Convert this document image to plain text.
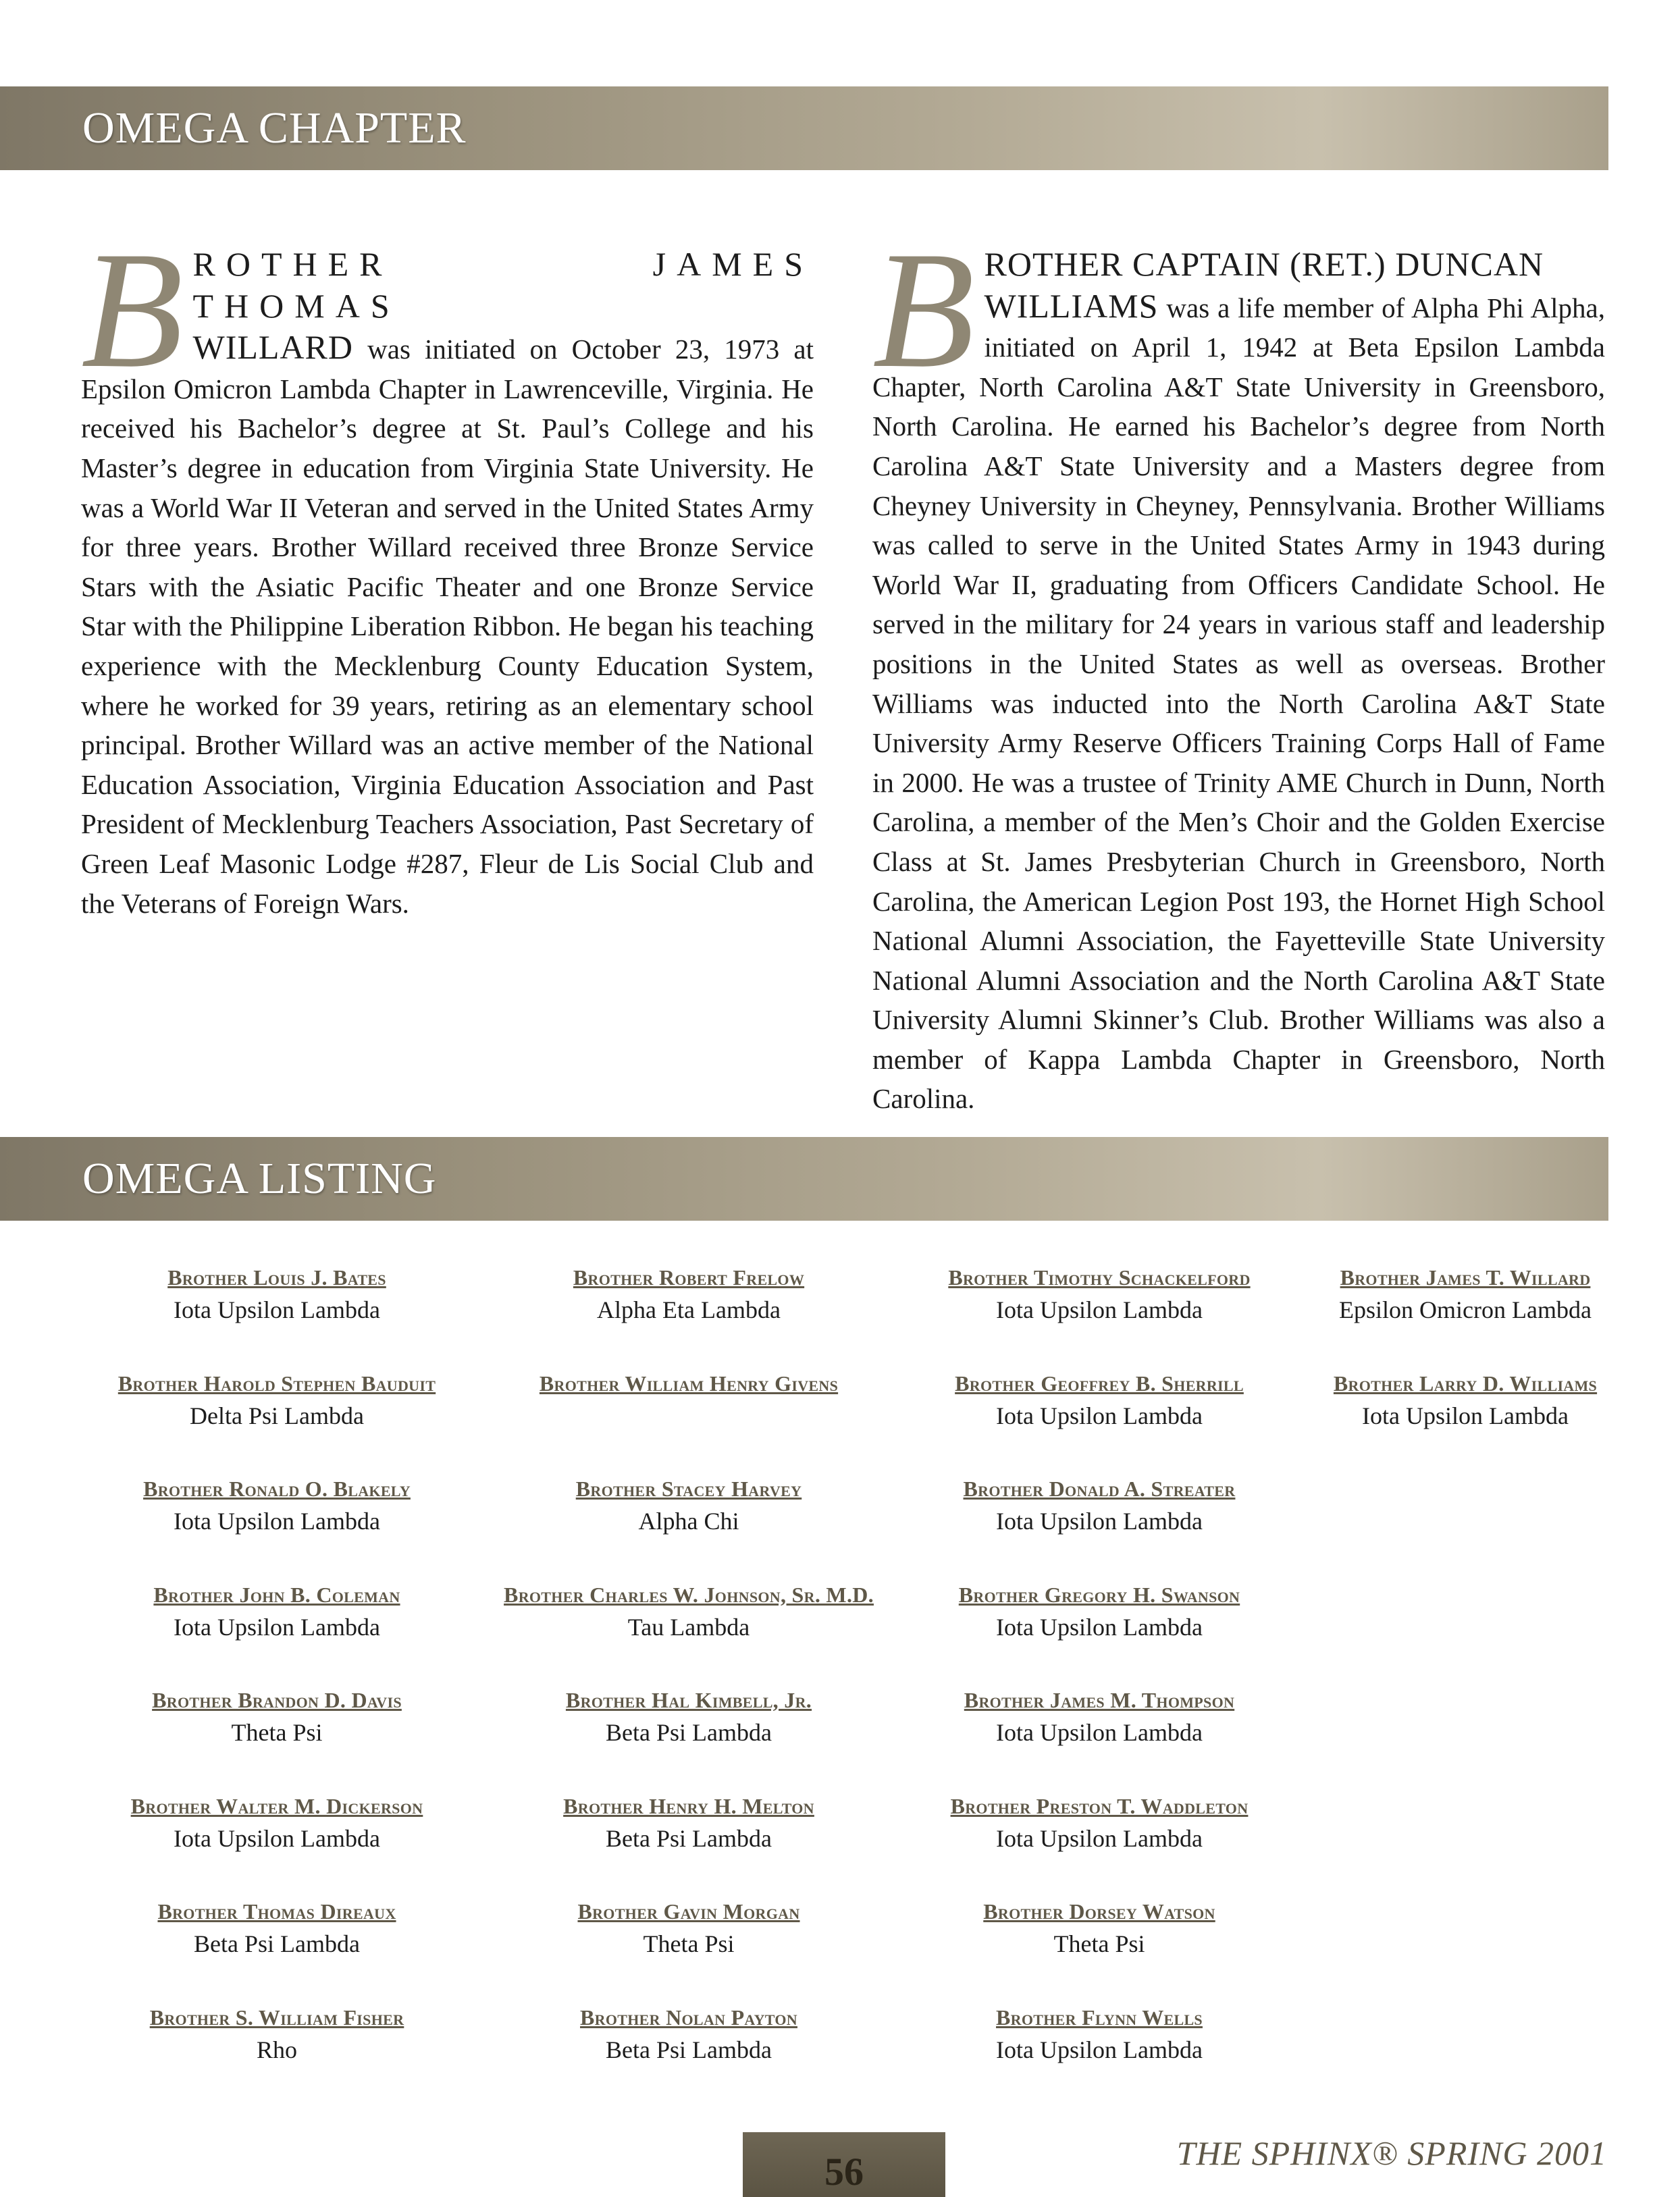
OMEGA CHAPTER
BROTHER JAMES THOMAS
WILLARD was initiated on October 23, 1973 at Epsilon Omicron Lambda Chapter in Lawrenceville, Virginia. He received his Bachelor’s degree at St. Paul’s College and his Master’s degree in education from Virginia State University. He was a World War II Veteran and served in the United States Army for three years. Brother Willard received three Bronze Service Stars with the Asiatic Pacific Theater and one Bronze Service Star with the Philippine Liberation Ribbon. He began his teaching experience with the Mecklenburg County Education System, where he worked for 39 years, retiring as an elementary school principal. Brother Willard was an active member of the National Education Association, Virginia Education Association and Past President of Mecklenburg Teachers Association, Past Secretary of Green Leaf Masonic Lodge #287, Fleur de Lis Social Club and the Veterans of Foreign Wars.
BROTHER CAPTAIN (RET.) DUNCAN
WILLIAMS was a life member of Alpha Phi Alpha, initiated on April 1, 1942 at Beta Epsilon Lambda Chapter, North Carolina A&T State University in Greensboro, North Carolina. He earned his Bachelor’s degree from North Carolina A&T State University and a Masters degree from Cheyney University in Cheyney, Pennsylvania. Brother Williams was called to serve in the United States Army in 1943 during World War II, graduating from Officers Candidate School. He served in the military for 24 years in various staff and leadership positions in the United States as well as overseas. Brother Williams was inducted into the North Carolina A&T State University Army Reserve Officers Training Corps Hall of Fame in 2000. He was a trustee of Trinity AME Church in Dunn, North Carolina, a member of the Men’s Choir and the Golden Exercise Class at St. James Presbyterian Church in Greensboro, North Carolina, the American Legion Post 193, the Hornet High School National Alumni Association, the Fayetteville State University National Alumni Association and the North Carolina A&T State University Alumni Skinner’s Club. Brother Williams was also a member of Kappa Lambda Chapter in Greensboro, North Carolina.
OMEGA LISTING
Brother Louis J. Bates
Iota Upsilon Lambda
Brother Harold Stephen Bauduit
Delta Psi Lambda
Brother Ronald O. Blakely
Iota Upsilon Lambda
Brother John B. Coleman
Iota Upsilon Lambda
Brother Brandon D. Davis
Theta Psi
Brother Walter M. Dickerson
Iota Upsilon Lambda
Brother Thomas Direaux
Beta Psi Lambda
Brother S. William Fisher
Rho
Brother Robert Frelow
Alpha Eta Lambda
Brother William Henry Givens
Brother Stacey Harvey
Alpha Chi
Brother Charles W. Johnson, Sr. M.D.
Tau Lambda
Brother Hal Kimbell, Jr.
Beta Psi Lambda
Brother Henry H. Melton
Beta Psi Lambda
Brother Gavin Morgan
Theta Psi
Brother Nolan Payton
Beta Psi Lambda
Brother Timothy Schackelford
Iota Upsilon Lambda
Brother Geoffrey B. Sherrill
Iota Upsilon Lambda
Brother Donald A. Streater
Iota Upsilon Lambda
Brother Gregory H. Swanson
Iota Upsilon Lambda
Brother James M. Thompson
Iota Upsilon Lambda
Brother Preston T. Waddleton
Iota Upsilon Lambda
Brother Dorsey Watson
Theta Psi
Brother Flynn Wells
Iota Upsilon Lambda
Brother James T. Willard
Epsilon Omicron Lambda
Brother Larry D. Williams
Iota Upsilon Lambda
56	THE SPHINX® SPRING 2001
